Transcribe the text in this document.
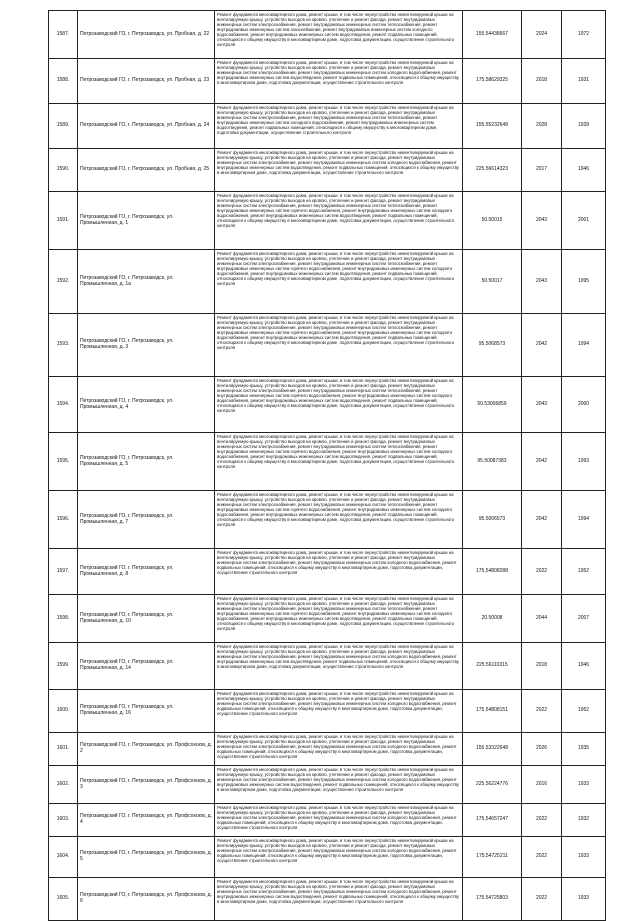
1587.	Петрозаводский ГО, г. Петрозаводск, ул. Пробная, д. 22	Ремонт фундамента многоквартирного дома, ремонт крыши, в том числе переустройство невентилируемой крыши на вентилируемую крышу, устройство выходов на кровлю, утепление и ремонт фасада, ремонт внутридомовых инженерных систем электроснабжения, ремонт внутридомовых инженерных систем теплоснабжения, ремонт внутридомовых инженерных систем газоснабжения, ремонт внутридомовых инженерных систем холодного водоснабжения, ремонт внутридомовых инженерных систем водоотведения, ремонт подвальных помещений, относящихся к общему имуществу в многоквартирном доме, подготовка документации, осуществление строительного контроля	155.54438667	2024	1972
1588.	Петрозаводский ГО, г. Петрозаводск, ул. Пробная, д. 23	Ремонт фундамента многоквартирного дома, ремонт крыши, в том числе переустройство невентилируемой крыши на вентилируемую крышу, устройство выходов на кровлю, утепление и ремонт фасада, ремонт внутридомовых инженерных систем электроснабжения, ремонт внутридомовых инженерных систем холодного водоснабжения, ремонт внутридомовых инженерных систем водоотведения, ремонт подвальных помещений, относящихся к общему имуществу в многоквартирном доме, подготовка документации, осуществление строительного контроля	175.58629325	2018	1931
1589.	Петрозаводский ГО, г. Петрозаводск, ул. Пробная, д. 24	Ремонт фундамента многоквартирного дома, ремонт крыши, в том числе переустройство невентилируемой крыши на вентилируемую крышу, устройство выходов на кровлю, утепление и ремонт фасада, ремонт внутридомовых инженерных систем электроснабжения, ремонт внутридомовых инженерных систем теплоснабжения, ремонт внутридомовых инженерных систем холодного водоснабжения, ремонт внутридомовых инженерных систем водоотведения, ремонт подвальных помещений, относящихся к общему имуществу в многоквартирном доме, подготовка документации, осуществление строительного контроля	155.55232648	2028	1928
1590.	Петрозаводский ГО, г. Петрозаводск, ул. Пробная, д. 25	Ремонт фундамента многоквартирного дома, ремонт крыши, в том числе переустройство невентилируемой крыши на вентилируемую крышу, устройство выходов на кровлю, утепление и ремонт фасада, ремонт внутридомовых инженерных систем электроснабжения, ремонт внутридомовых инженерных систем холодного водоснабжения, ремонт внутридомовых инженерных систем водоотведения, ремонт подвальных помещений, относящихся к общему имуществу в многоквартирном доме, подготовка документации, осуществление строительного контроля	225.56614323	2017	1946
1591.	Петрозаводский ГО, г. Петрозаводск, ул. Промышленная, д. 1	Ремонт фундамента многоквартирного дома, ремонт крыши, в том числе переустройство невентилируемой крыши на вентилируемую крышу, устройство выходов на кровлю, утепление и ремонт фасада, ремонт внутридомовых инженерных систем электроснабжения, ремонт внутридомовых инженерных систем теплоснабжения, ремонт внутридомовых инженерных систем горячего водоснабжения, ремонт внутридомовых инженерных систем холодного водоснабжения, ремонт внутридомовых инженерных систем водоотведения, ремонт подвальных помещений, относящихся к общему имуществу в многоквартирном доме, подготовка документации, осуществление строительного контроля	50.50015	2043	2001
1592.	Петрозаводский ГО, г. Петрозаводск, ул. Промышленная, д. 1а	Ремонт фундамента многоквартирного дома, ремонт крыши, в том числе переустройство невентилируемой крыши на вентилируемую крышу, устройство выходов на кровлю, утепление и ремонт фасада, ремонт внутридомовых инженерных систем электроснабжения, ремонт внутридомовых инженерных систем теплоснабжения, ремонт внутридомовых инженерных систем горячего водоснабжения, ремонт внутридомовых инженерных систем холодного водоснабжения, ремонт внутридомовых инженерных систем водоотведения, ремонт подвальных помещений, относящихся к общему имуществу в многоквартирном доме, подготовка документации, осуществление строительного контроля	50.50017	2043	1995
1593.	Петрозаводский ГО, г. Петрозаводск, ул. Промышленная, д. 3	Ремонт фундамента многоквартирного дома, ремонт крыши, в том числе переустройство невентилируемой крыши на вентилируемую крышу, устройство выходов на кровлю, утепление и ремонт фасада, ремонт внутридомовых инженерных систем электроснабжения, ремонт внутридомовых инженерных систем теплоснабжения, ремонт внутридомовых инженерных систем горячего водоснабжения, ремонт внутридомовых инженерных систем холодного водоснабжения, ремонт внутридомовых инженерных систем водоотведения, ремонт подвальных помещений, относящихся к общему имуществу в многоквартирном доме, подготовка документации, осуществление строительного контроля	95.5068573	2042	1994
1594.	Петрозаводский ГО, г. Петрозаводск, ул. Промышленная, д. 4	Ремонт фундамента многоквартирного дома, ремонт крыши, в том числе переустройство невентилируемой крыши на вентилируемую крышу, устройство выходов на кровлю, утепление и ремонт фасада, ремонт внутридомовых инженерных систем электроснабжения, ремонт внутридомовых инженерных систем теплоснабжения, ремонт внутридомовых инженерных систем горячего водоснабжения, ремонт внутридомовых инженерных систем холодного водоснабжения, ремонт внутридомовых инженерных систем водоотведения, ремонт подвальных помещений, относящихся к общему имуществу в многоквартирном доме, подготовка документации, осуществление строительного контроля	50.53006859	2043	2000
1595.	Петрозаводский ГО, г. Петрозаводск, ул. Промышленная, д. 5	Ремонт фундамента многоквартирного дома, ремонт крыши, в том числе переустройство невентилируемой крыши на вентилируемую крышу, устройство выходов на кровлю, утепление и ремонт фасада, ремонт внутридомовых инженерных систем электроснабжения, ремонт внутридомовых инженерных систем теплоснабжения, ремонт внутридомовых инженерных систем горячего водоснабжения, ремонт внутридомовых инженерных систем холодного водоснабжения, ремонт внутридомовых инженерных систем водоотведения, ремонт подвальных помещений, относящихся к общему имуществу в многоквартирном доме, подготовка документации, осуществление строительного контроля	95.50087383	2042	1993
1596.	Петрозаводский ГО, г. Петрозаводск, ул. Промышленная, д. 7	Ремонт фундамента многоквартирного дома, ремонт крыши, в том числе переустройство невентилируемой крыши на вентилируемую крышу, устройство выходов на кровлю, утепление и ремонт фасада, ремонт внутридомовых инженерных систем электроснабжения, ремонт внутридомовых инженерных систем теплоснабжения, ремонт внутридомовых инженерных систем горячего водоснабжения, ремонт внутридомовых инженерных систем холодного водоснабжения, ремонт внутридомовых инженерных систем водоотведения, ремонт подвальных помещений, относящихся к общему имуществу в многоквартирном доме, подготовка документации, осуществление строительного контроля	95.5006573	2042	1994
1597.	Петрозаводский ГО, г. Петрозаводск, ул. Промышленная, д. 8	Ремонт фундамента многоквартирного дома, ремонт крыши, в том числе переустройство невентилируемой крыши на вентилируемую крышу, устройство выходов на кровлю, утепление и ремонт фасада, ремонт внутридомовых инженерных систем электроснабжения, ремонт внутридомовых инженерных систем холодного водоснабжения, ремонт подвальных помещений, относящихся к общему имуществу в многоквартирном доме, подготовка документации, осуществление строительного контроля	175.54808288	2022	1952
1598.	Петрозаводский ГО, г. Петрозаводск, ул. Промышленная, д. 10	Ремонт фундамента многоквартирного дома, ремонт крыши, в том числе переустройство невентилируемой крыши на вентилируемую крышу, устройство выходов на кровлю, утепление и ремонт фасада, ремонт внутридомовых инженерных систем электроснабжения, ремонт внутридомовых инженерных систем теплоснабжения, ремонт внутридомовых инженерных систем горячего водоснабжения, ремонт внутридомовых инженерных систем холодного водоснабжения, ремонт внутридомовых инженерных систем водоотведения, ремонт подвальных помещений, относящихся к общему имуществу в многоквартирном доме, подготовка документации, осуществление строительного контроля	20.50008	2044	2007
1599.	Петрозаводский ГО, г. Петрозаводск, ул. Промышленная, д. 14	Ремонт фундамента многоквартирного дома, ремонт крыши, в том числе переустройство невентилируемой крыши на вентилируемую крышу, устройство выходов на кровлю, утепление и ремонт фасада, ремонт внутридомовых инженерных систем электроснабжения, ремонт внутридомовых инженерных систем холодного водоснабжения, ремонт внутридомовых инженерных систем водоотведения, ремонт подвальных помещений, относящихся к общему имуществу в многоквартирном доме, подготовка документации, осуществление строительного контроля	225.56110315	2018	1946
1600.	Петрозаводский ГО, г. Петрозаводск, ул. Промышленная, д. 16	Ремонт фундамента многоквартирного дома, ремонт крыши, в том числе переустройство невентилируемой крыши на вентилируемую крышу, устройство выходов на кровлю, утепление и ремонт фасада, ремонт внутридомовых инженерных систем электроснабжения, ремонт внутридомовых инженерных систем холодного водоснабжения, ремонт подвальных помещений, относящихся к общему имуществу в многоквартирном доме, подготовка документации, осуществление строительного контроля	175.54808151	2022	1952
1601.	Петрозаводский ГО, г. Петрозаводск, ул. Профсоюзов, д. 2	Ремонт фундамента многоквартирного дома, ремонт крыши, в том числе переустройство невентилируемой крыши на вентилируемую крышу, устройство выходов на кровлю, утепление и ремонт фасада, ремонт внутридомовых инженерных систем электроснабжения, ремонт внутридомовых инженерных систем холодного водоснабжения, ремонт подвальных помещений, относящихся к общему имуществу в многоквартирном доме, подготовка документации, осуществление строительного контроля	155.53322648	2026	1935
1602.	Петрозаводский ГО, г. Петрозаводск, ул. Профсоюзов, д. 3	Ремонт фундамента многоквартирного дома, ремонт крыши, в том числе переустройство невентилируемой крыши на вентилируемую крышу, устройство выходов на кровлю, утепление и ремонт фасада, ремонт внутридомовых инженерных систем электроснабжения, ремонт внутридомовых инженерных систем холодного водоснабжения, ремонт внутридомовых инженерных систем водоотведения, ремонт подвальных помещений, относящихся к общему имуществу в многоквартирном доме, подготовка документации, осуществление строительного контроля	225.56224776	2016	1933
1603.	Петрозаводский ГО, г. Петрозаводск, ул. Профсоюзов, д. 4	Ремонт фундамента многоквартирного дома, ремонт крыши, в том числе переустройство невентилируемой крыши на вентилируемую крышу, устройство выходов на кровлю, утепление и ремонт фасада, ремонт внутридомовых инженерных систем электроснабжения, ремонт внутридомовых инженерных систем холодного водоснабжения, ремонт подвальных помещений, относящихся к общему имуществу в многоквартирном доме, подготовка документации, осуществление строительного контроля	175.54657247	2022	1932
1604.	Петрозаводский ГО, г. Петрозаводск, ул. Профсоюзов, д. 5	Ремонт фундамента многоквартирного дома, ремонт крыши, в том числе переустройство невентилируемой крыши на вентилируемую крышу, устройство выходов на кровлю, утепление и ремонт фасада, ремонт внутридомовых инженерных систем электроснабжения, ремонт внутридомовых инженерных систем холодного водоснабжения, ремонт подвальных помещений, относящихся к общему имуществу в многоквартирном доме, подготовка документации, осуществление строительного контроля	175.54725211	2022	1933
1605.	Петрозаводский ГО, г. Петрозаводск, ул. Профсоюзов, д. 6	Ремонт фундамента многоквартирного дома, ремонт крыши, в том числе переустройство невентилируемой крыши на вентилируемую крышу, устройство выходов на кровлю, утепление и ремонт фасада, ремонт внутридомовых инженерных систем электроснабжения, ремонт внутридомовых инженерных систем холодного водоснабжения, ремонт внутридомовых инженерных систем водоотведения, ремонт подвальных помещений, относящихся к общему имуществу в многоквартирном доме, подготовка документации, осуществление строительного контроля	175.54725803	2022	1933
